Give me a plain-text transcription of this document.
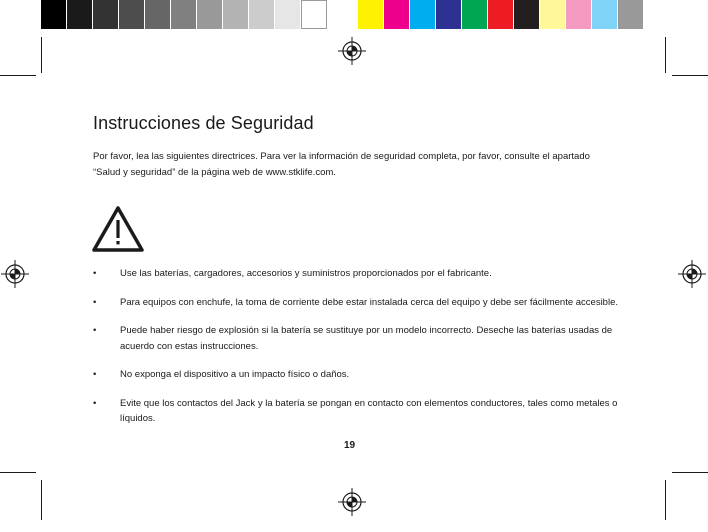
Instrucciones de Seguridad

Por favor, lea las siguientes directrices. Para ver la información de seguridad completa, por favor, consulte el apartado
“Salud y seguridad” de la página web de www.stklife.com.

• Use las baterías, cargadores, accesorios y suministros proporcionados por el fabricante.
• Para equipos con enchufe, la toma de corriente debe estar instalada cerca del equipo y debe ser fácilmente accesible.
• Puede haber riesgo de explosión si la batería se sustituye por un modelo incorrecto. Deseche las baterías usadas de acuerdo con estas instrucciones.
• No exponga el dispositivo a un impacto físico o daños.
• Evite que los contactos del Jack y la batería se pongan en contacto con elementos conductores, tales como metales o líquidos.
19
